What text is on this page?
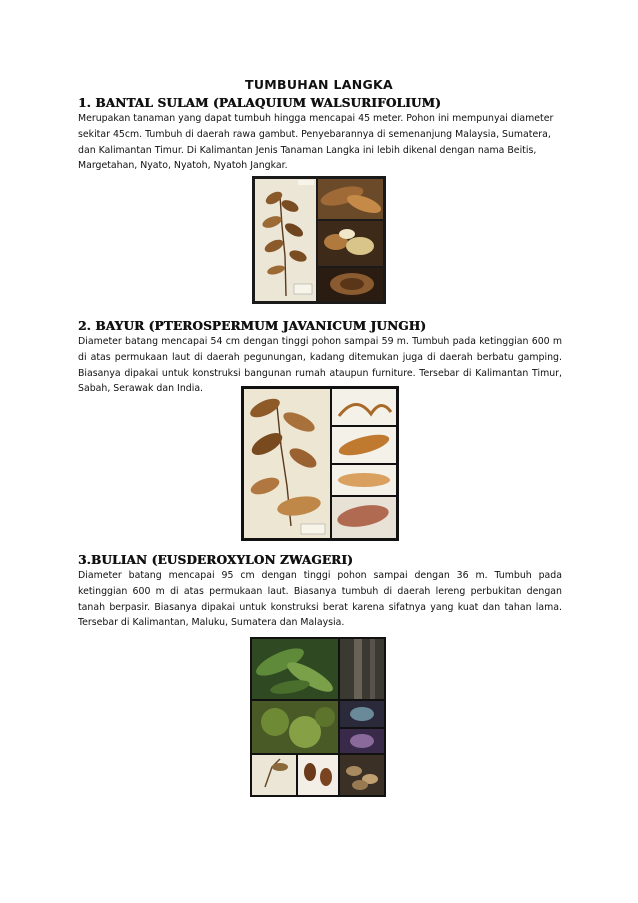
TUMBUHAN LANGKA
1. BANTAL SULAM (PALAQUIUM WALSURIFOLIUM)
Merupakan tanaman yang dapat tumbuh hingga mencapai 45 meter. Pohon ini mempunyai diameter sekitar 45cm. Tumbuh di daerah rawa gambut. Penyebarannya di semenanjung Malaysia, Sumatera, dan Kalimantan Timur. Di Kalimantan Jenis Tanaman Langka ini lebih dikenal dengan nama Beitis, Margetahan, Nyato, Nyatoh, Nyatoh Jangkar.
2. BAYUR (PTEROSPERMUM JAVANICUM JUNGH)
Diameter batang mencapai 54 cm dengan tinggi pohon sampai 59 m. Tumbuh pada ketinggian 600 m di atas permukaan laut di daerah pegunungan, kadang ditemukan juga di daerah berbatu gamping. Biasanya dipakai untuk konstruksi bangunan rumah ataupun furniture. Tersebar di Kalimantan Timur, Sabah, Serawak dan India.
3.BULIAN (EUSDEROXYLON ZWAGERI)
Diameter batang mencapai 95 cm dengan tinggi pohon sampai dengan 36 m. Tumbuh pada ketinggian 600 m di atas permukaan laut. Biasanya tumbuh di daerah lereng perbukitan dengan tanah berpasir. Biasanya dipakai untuk konstruksi berat karena sifatnya yang kuat dan tahan lama. Tersebar di Kalimantan, Maluku, Sumatera dan Malaysia.
